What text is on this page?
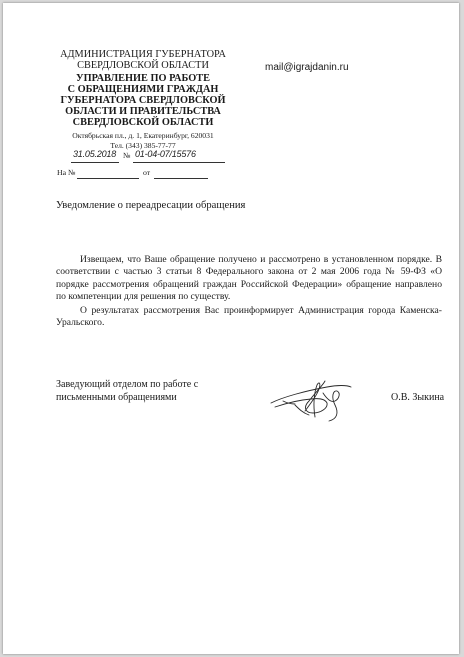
АДМИНИСТРАЦИЯ ГУБЕРНАТОРА
СВЕРДЛОВСКОЙ ОБЛАСТИ
УПРАВЛЕНИЕ ПО РАБОТЕ
С ОБРАЩЕНИЯМИ ГРАЖДАН
ГУБЕРНАТОРА СВЕРДЛОВСКОЙ
ОБЛАСТИ И ПРАВИТЕЛЬСТВА
СВЕРДЛОВСКОЙ ОБЛАСТИ
Октябрьская пл., д. 1, Екатеринбург, 620031
Тел. (343) 385-77-77
mail@igrajdanin.ru
31.05.2018 № 01-04-07/15576
На №	от
Уведомление о переадресации обращения

Извещаем, что Ваше обращение получено и рассмотрено в установленном порядке. В соответствии с частью 3 статьи 8 Федерального закона от 2 мая 2006 года № 59-ФЗ «О порядке рассмотрения обращений граждан Российской Федерации» обращение направлено по компетенции для решения по существу.

О результатах рассмотрения Вас проинформирует Администрация города Каменска-Уральского.

Заведующий отделом по работе с
письменными обращениями	О.В. Зыкина
